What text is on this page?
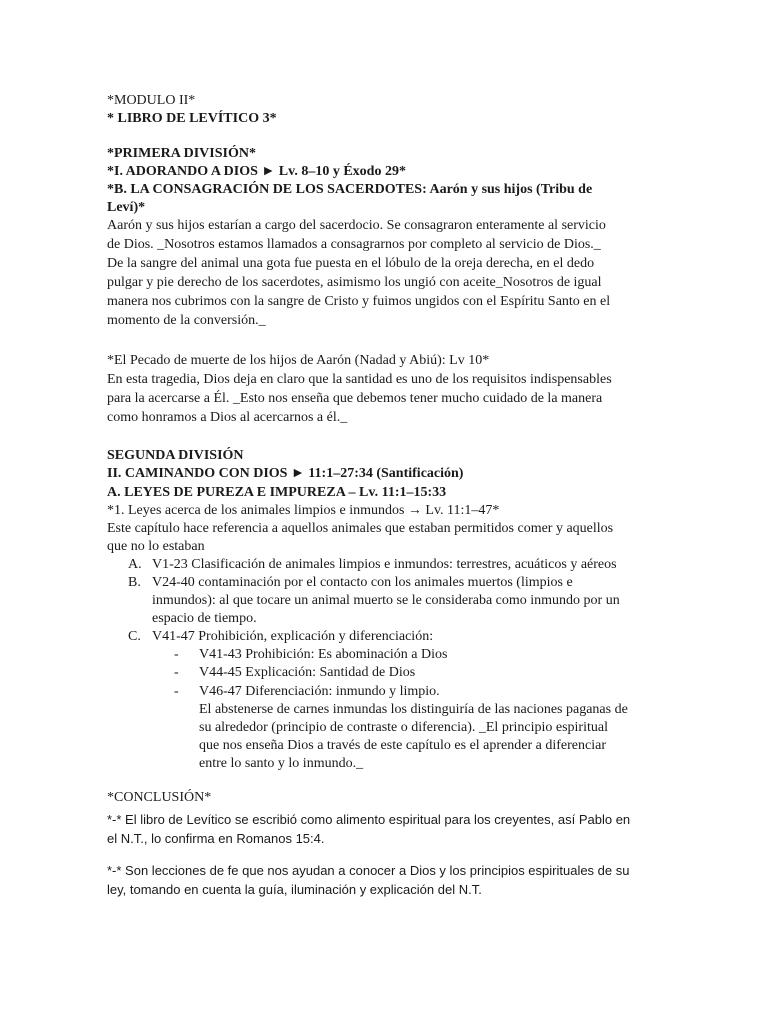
*MODULO II*
* LIBRO DE LEVÍTICO 3*
*PRIMERA DIVISIÓN*
*I. ADORANDO A DIOS ► Lv. 8–10 y Éxodo 29*
*B. LA CONSAGRACIÓN DE LOS SACERDOTES: Aarón y sus hijos (Tribu de
Leví)*
Aarón y sus hijos estarían a cargo del sacerdocio. Se consagraron enteramente al servicio
de Dios. _Nosotros estamos llamados a consagrarnos por completo al servicio de Dios._
De la sangre del animal una gota fue puesta en el lóbulo de la oreja derecha, en el dedo
pulgar y pie derecho de los sacerdotes, asimismo los ungió con aceite_Nosotros de igual
manera nos cubrimos con la sangre de Cristo y fuimos ungidos con el Espíritu Santo en el
momento de la conversión._
*El Pecado de muerte de los hijos de Aarón (Nadad y Abiú): Lv 10*
En esta tragedia, Dios deja en claro que la santidad es uno de los requisitos indispensables
para la acercarse a Él. _Esto nos enseña que debemos tener mucho cuidado de la manera
como honramos a Dios al acercarnos a él._
SEGUNDA DIVISIÓN
II. CAMINANDO CON DIOS ► 11:1–27:34 (Santificación)
A. LEYES DE PUREZA E IMPUREZA – Lv. 11:1–15:33
*1. Leyes acerca de los animales limpios e inmundos → Lv. 11:1–47*
Este capítulo hace referencia a aquellos animales que estaban permitidos comer y aquellos
que no lo estaban
A. V1-23 Clasificación de animales limpios e inmundos: terrestres, acuáticos y aéreos
B. V24-40 contaminación por el contacto con los animales muertos (limpios e
inmundos): al que tocare un animal muerto se le consideraba como inmundo por un
espacio de tiempo.
C. V41-47 Prohibición, explicación y diferenciación:
- V41-43 Prohibición: Es abominación a Dios
- V44-45 Explicación: Santidad de Dios
- V46-47 Diferenciación: inmundo y limpio.
El abstenerse de carnes inmundas los distinguiría de las naciones paganas de
su alrededor (principio de contraste o diferencia). _El principio espiritual
que nos enseña Dios a través de este capítulo es el aprender a diferenciar
entre lo santo y lo inmundo._
*CONCLUSIÓN*
*-* El libro de Levítico se escribió como alimento espiritual para los creyentes, así Pablo en
el N.T., lo confirma en Romanos 15:4.
*-* Son lecciones de fe que nos ayudan a conocer a Dios y los principios espirituales de su
ley, tomando en cuenta la guía, iluminación y explicación del N.T.
